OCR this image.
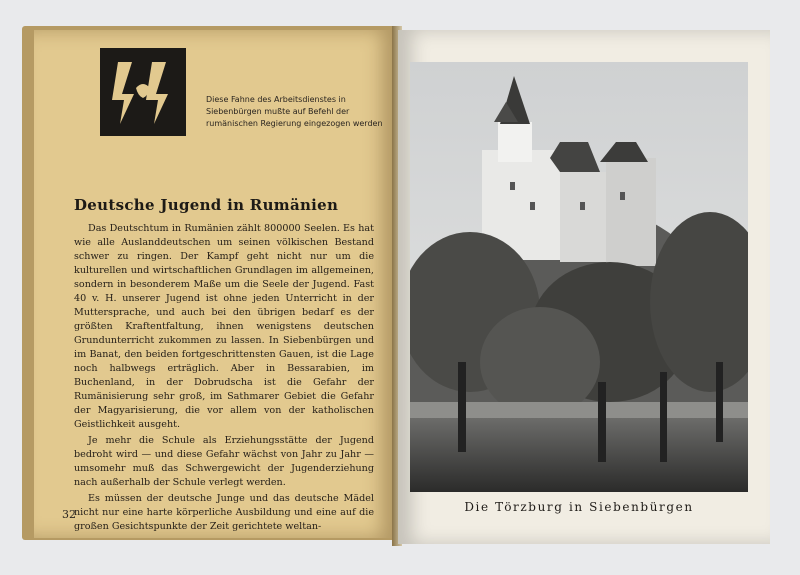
Diese Fahne des Arbeitsdienstes in Siebenbürgen mußte auf Befehl der rumänischen Regierung eingezogen werden

Deutsche Jugend in Rumänien

Das Deutschtum in Rumänien zählt 800000 Seelen. Es hat wie alle Auslanddeutschen um seinen völkischen Bestand schwer zu ringen. Der Kampf geht nicht nur um die kulturellen und wirtschaftlichen Grundlagen im allgemeinen, sondern in besonderem Maße um die Seele der Jugend. Fast 40 v. H. unserer Jugend ist ohne jeden Unterricht in der Muttersprache, und auch bei den übrigen bedarf es der größten Kraftentfaltung, ihnen wenigstens deutschen Grundunterricht zukommen zu lassen. In Siebenbürgen und im Banat, den beiden fortgeschrittensten Gauen, ist die Lage noch halbwegs erträglich. Aber in Bessarabien, im Buchenland, in der Dobrudscha ist die Gefahr der Rumänisierung sehr groß, im Sathmarer Gebiet die Gefahr der Magyarisierung, die vor allem von der katholischen Geistlichkeit ausgeht.

Je mehr die Schule als Erziehungsstätte der Jugend bedroht wird — und diese Gefahr wächst von Jahr zu Jahr — umsomehr muß das Schwergewicht der Jugenderziehung nach außerhalb der Schule verlegt werden.

Es müssen der deutsche Junge und das deutsche Mädel nicht nur eine harte körperliche Ausbildung und eine auf die großen Gesichtspunkte der Zeit gerichtete weltan-

32

Die Törzburg in Siebenbürgen
